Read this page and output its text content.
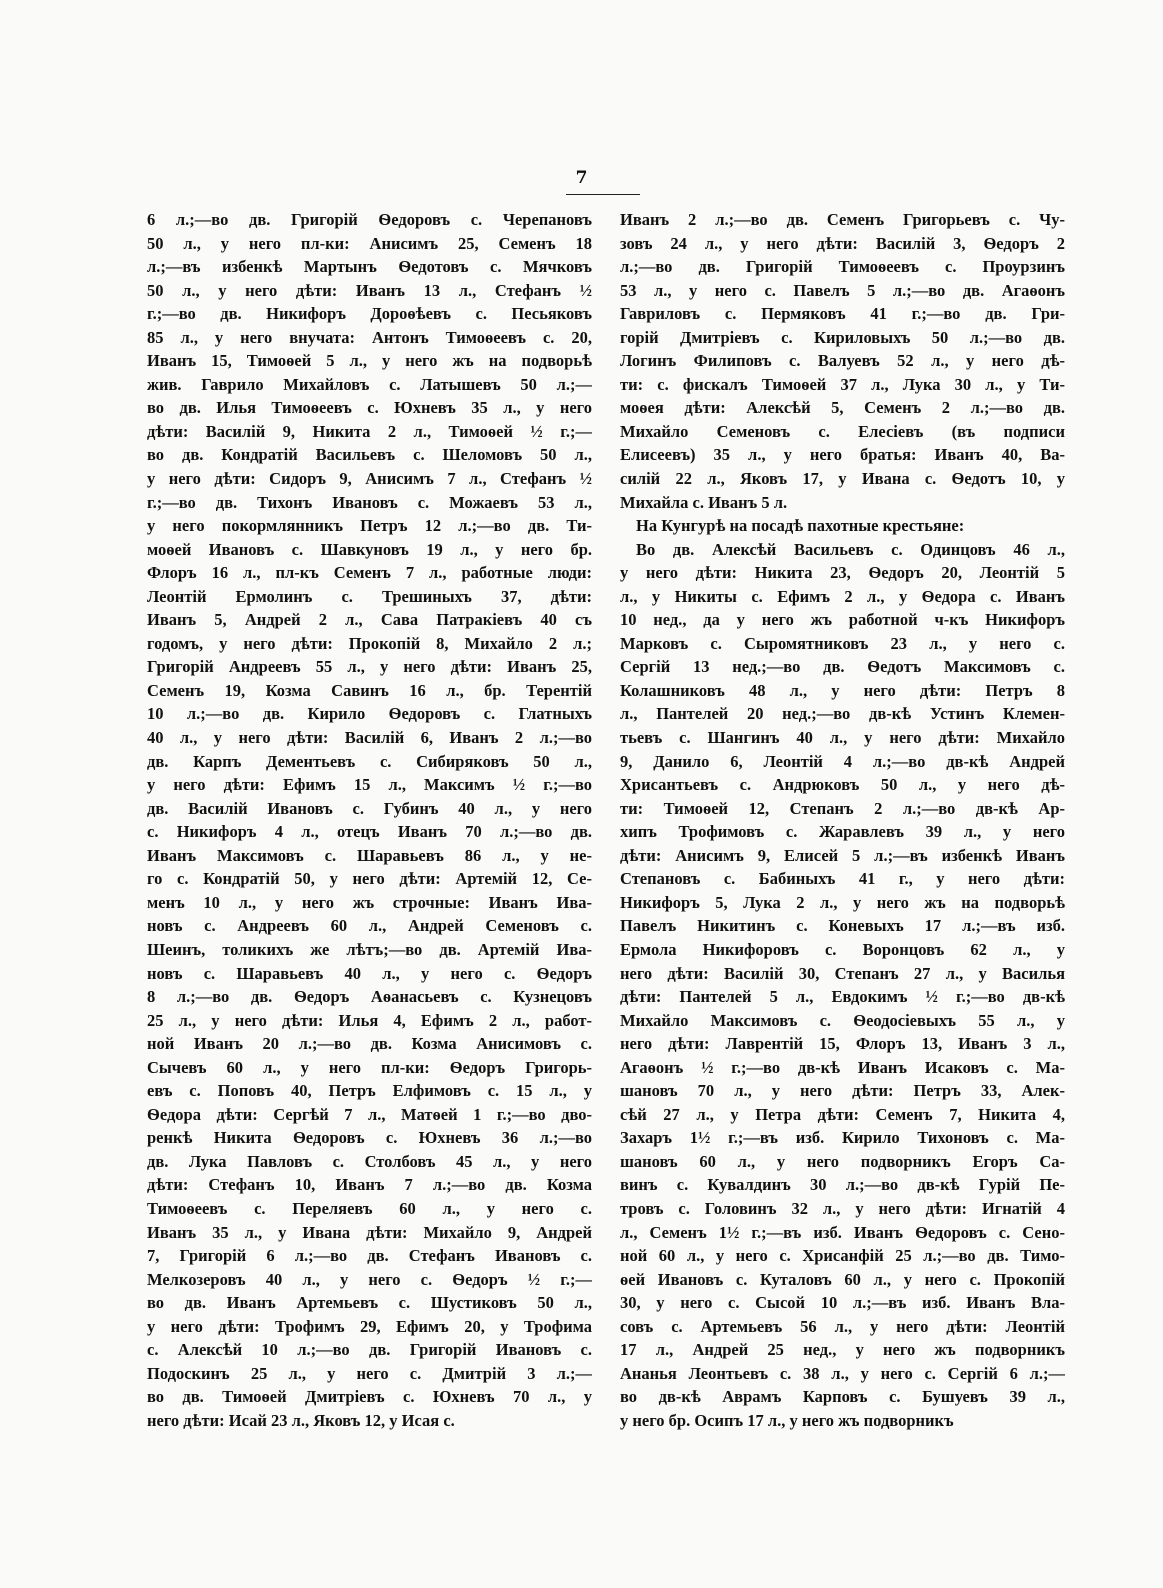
7
6 л.;—во дв. Григорій Ѳедоровъ с. Черепановъ
50 л., у него пл-ки: Анисимъ 25, Семенъ 18
л.;—въ избенкѣ Мартынъ Ѳедотовъ с. Мячковъ
50 л., у него дѣти: Иванъ 13 л., Стефанъ ½
г.;—во дв. Никифоръ Дороѳѣевъ с. Песьяковъ
85 л., у него внучата: Антонъ Тимоѳеевъ с. 20,
Иванъ 15, Тимоѳей 5 л., у него жъ на подворьѣ
жив. Гаврило Михайловъ с. Латышевъ 50 л.;—
во дв. Илья Тимоѳеевъ с. Юхневъ 35 л., у него
дѣти: Василій 9, Никита 2 л., Тимоѳей ½ г.;—
во дв. Кондратій Васильевъ с. Шеломовъ 50 л.,
у него дѣти: Сидоръ 9, Анисимъ 7 л., Стефанъ ½
г.;—во дв. Тихонъ Ивановъ с. Можаевъ 53 л.,
у него покормлянникъ Петръ 12 л.;—во дв. Ти-
моѳей Ивановъ с. Шавкуновъ 19 л., у него бр.
Флоръ 16 л., пл-къ Семенъ 7 л., работные люди:
Леонтій Ермолинъ с. Трешиныхъ 37, дѣти:
Иванъ 5, Андрей 2 л., Сава Патракіевъ 40 съ
годомъ, у него дѣти: Прокопій 8, Михайло 2 л.;
Григорій Андреевъ 55 л., у него дѣти: Иванъ 25,
Семенъ 19, Козма Савинъ 16 л., бр. Терентій
10 л.;—во дв. Кирило Ѳедоровъ с. Глатныхъ
40 л., у него дѣти: Василій 6, Иванъ 2 л.;—во
дв. Карпъ Дементьевъ с. Сибиряковъ 50 л.,
у него дѣти: Ефимъ 15 л., Максимъ ½ г.;—во
дв. Василій Ивановъ с. Губинъ 40 л., у него
с. Никифоръ 4 л., отецъ Иванъ 70 л.;—во дв.
Иванъ Максимовъ с. Шаравьевъ 86 л., у не-
го с. Кондратій 50, у него дѣти: Артемій 12, Се-
менъ 10 л., у него жъ строчные: Иванъ Ива-
новъ с. Андреевъ 60 л., Андрей Семеновъ с.
Шеинъ, толикихъ же лѣтъ;—во дв. Артемій Ива-
новъ с. Шаравьевъ 40 л., у него с. Ѳедоръ
8 л.;—во дв. Ѳедоръ Аѳанасьевъ с. Кузнецовъ
25 л., у него дѣти: Илья 4, Ефимъ 2 л., работ-
ной Иванъ 20 л.;—во дв. Козма Анисимовъ с.
Сычевъ 60 л., у него пл-ки: Ѳедоръ Григорь-
евъ с. Поповъ 40, Петръ Елфимовъ с. 15 л., у
Ѳедора дѣти: Сергѣй 7 л., Матѳей 1 г.;—во дво-
ренкѣ Никита Ѳедоровъ с. Юхневъ 36 л.;—во
дв. Лука Павловъ с. Столбовъ 45 л., у него
дѣти: Стефанъ 10, Иванъ 7 л.;—во дв. Козма
Тимоѳеевъ с. Переляевъ 60 л., у него с.
Иванъ 35 л., у Ивана дѣти: Михайло 9, Андрей
7, Григорій 6 л.;—во дв. Стефанъ Ивановъ с.
Мелкозеровъ 40 л., у него с. Ѳедоръ ½ г.;—
во дв. Иванъ Артемьевъ с. Шустиковъ 50 л.,
у него дѣти: Трофимъ 29, Ефимъ 20, у Трофима
с. Алексѣй 10 л.;—во дв. Григорій Ивановъ с.
Подоскинъ 25 л., у него с. Дмитрій 3 л.;—
во дв. Тимоѳей Дмитріевъ с. Юхневъ 70 л., у
него дѣти: Исай 23 л., Яковъ 12, у Исая с.
Иванъ 2 л.;—во дв. Семенъ Григорьевъ с. Чу-
зовъ 24 л., у него дѣти: Василій 3, Ѳедоръ 2
л.;—во дв. Григорій Тимоѳеевъ с. Проурзинъ
53 л., у него с. Павелъ 5 л.;—во дв. Агаѳонъ
Гавриловъ с. Пермяковъ 41 г.;—во дв. Гри-
горій Дмитріевъ с. Кириловыхъ 50 л.;—во дв.
Логинъ Филиповъ с. Валуевъ 52 л., у него дѣ-
ти: с. фискалъ Тимоѳей 37 л., Лука 30 л., у Ти-
моѳея дѣти: Алексѣй 5, Семенъ 2 л.;—во дв.
Михайло Семеновъ с. Елесіевъ (въ подписи
Елисеевъ) 35 л., у него братья: Иванъ 40, Ва-
силій 22 л., Яковъ 17, у Ивана с. Ѳедотъ 10, у
Михайла с. Иванъ 5 л.
На Кунгурѣ на посадѣ пахотные крестьяне:
Во дв. Алексѣй Васильевъ с. Одинцовъ 46 л.,
у него дѣти: Никита 23, Ѳедоръ 20, Леонтій 5
л., у Никиты с. Ефимъ 2 л., у Ѳедора с. Иванъ
10 нед., да у него жъ работной ч-къ Никифоръ
Марковъ с. Сыромятниковъ 23 л., у него с.
Сергій 13 нед.;—во дв. Ѳедотъ Максимовъ с.
Колашниковъ 48 л., у него дѣти: Петръ 8
л., Пантелей 20 нед.;—во дв-кѣ Устинъ Клемен-
тьевъ с. Шангинъ 40 л., у него дѣти: Михайло
9, Данило 6, Леонтій 4 л.;—во дв-кѣ Андрей
Хрисантьевъ с. Андрюковъ 50 л., у него дѣ-
ти: Тимоѳей 12, Степанъ 2 л.;—во дв-кѣ Ар-
хипъ Трофимовъ с. Жаравлевъ 39 л., у него
дѣти: Анисимъ 9, Елисей 5 л.;—въ избенкѣ Иванъ
Степановъ с. Бабиныхъ 41 г., у него дѣти:
Никифоръ 5, Лука 2 л., у него жъ на подворьѣ
Павелъ Никитинъ с. Коневыхъ 17 л.;—въ изб.
Ермола Никифоровъ с. Воронцовъ 62 л., у
него дѣти: Василій 30, Степанъ 27 л., у Василья
дѣти: Пантелей 5 л., Евдокимъ ½ г.;—во дв-кѣ
Михайло Максимовъ с. Ѳеодосіевыхъ 55 л., у
него дѣти: Лаврентій 15, Флоръ 13, Иванъ 3 л.,
Агаѳонъ ½ г.;—во дв-кѣ Иванъ Исаковъ с. Ма-
шановъ 70 л., у него дѣти: Петръ 33, Алек-
сѣй 27 л., у Петра дѣти: Семенъ 7, Никита 4,
Захаръ 1½ г.;—въ изб. Кирило Тихоновъ с. Ма-
шановъ 60 л., у него подворникъ Егоръ Са-
винъ с. Кувалдинъ 30 л.;—во дв-кѣ Гурій Пе-
тровъ с. Головинъ 32 л., у него дѣти: Игнатій 4
л., Семенъ 1½ г.;—въ изб. Иванъ Ѳедоровъ с. Сено-
ной 60 л., у него с. Хрисанфій 25 л.;—во дв. Тимо-
ѳей Ивановъ с. Куталовъ 60 л., у него с. Прокопій
30, у него с. Сысой 10 л.;—въ изб. Иванъ Вла-
совъ с. Артемьевъ 56 л., у него дѣти: Леонтій
17 л., Андрей 25 нед., у него жъ подворникъ
Ананья Леонтьевъ с. 38 л., у него с. Сергій 6 л.;—
во дв-кѣ Аврамъ Карповъ с. Бушуевъ 39 л.,
у него бр. Осипъ 17 л., у него жъ подворникъ
